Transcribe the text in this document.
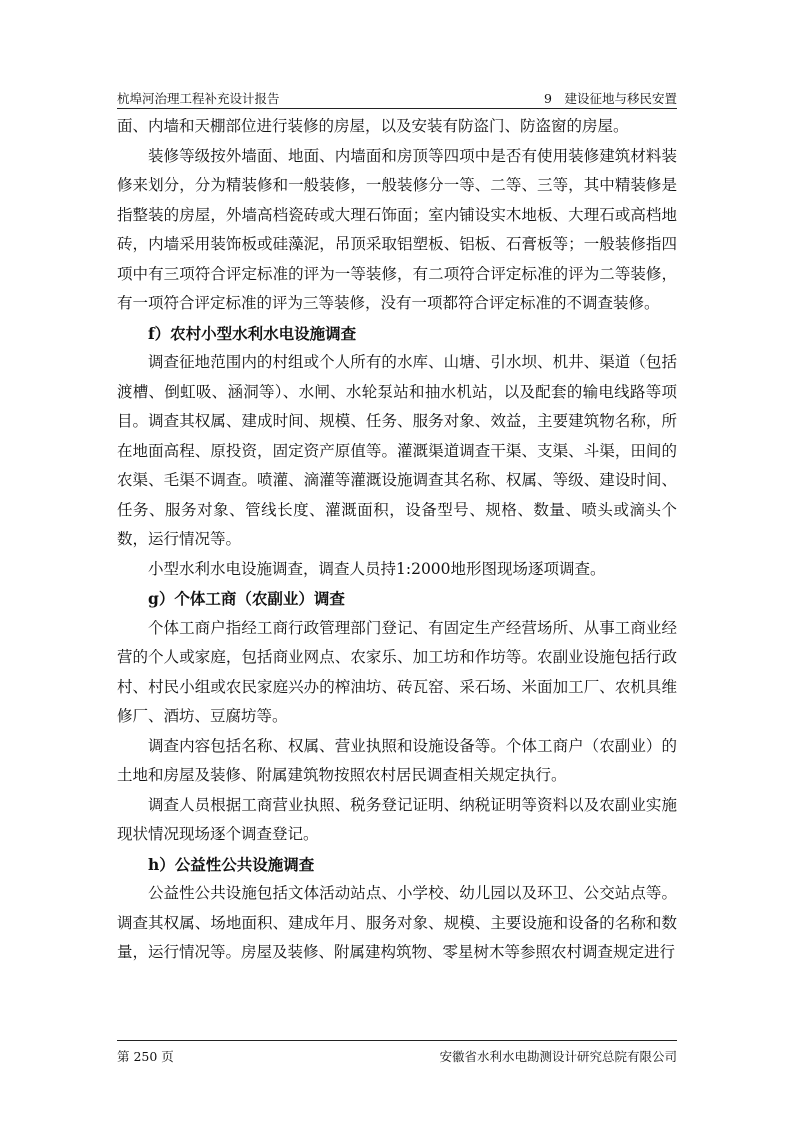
杭埠河治理工程补充设计报告	9　建设征地与移民安置

面、内墙和天棚部位进行装修的房屋，以及安装有防盗门、防盗窗的房屋。

装修等级按外墙面、地面、内墙面和房顶等四项中是否有使用装修建筑材料装修来划分，分为精装修和一般装修，一般装修分一等、二等、三等，其中精装修是指整装的房屋，外墙高档瓷砖或大理石饰面；室内铺设实木地板、大理石或高档地砖，内墙采用装饰板或硅藻泥，吊顶采取铝塑板、铝板、石膏板等；一般装修指四项中有三项符合评定标准的评为一等装修，有二项符合评定标准的评为二等装修，有一项符合评定标准的评为三等装修，没有一项都符合评定标准的不调查装修。

f）农村小型水利水电设施调查

调查征地范围内的村组或个人所有的水库、山塘、引水坝、机井、渠道（包括渡槽、倒虹吸、涵洞等）、水闸、水轮泵站和抽水机站，以及配套的输电线路等项目。调查其权属、建成时间、规模、任务、服务对象、效益，主要建筑物名称，所在地面高程、原投资，固定资产原值等。灌溉渠道调查干渠、支渠、斗渠，田间的农渠、毛渠不调查。喷灌、滴灌等灌溉设施调查其名称、权属、等级、建设时间、任务、服务对象、管线长度、灌溉面积，设备型号、规格、数量、喷头或滴头个数，运行情况等。

小型水利水电设施调查，调查人员持1:2000地形图现场逐项调查。

g）个体工商（农副业）调查

个体工商户指经工商行政管理部门登记、有固定生产经营场所、从事工商业经营的个人或家庭，包括商业网点、农家乐、加工坊和作坊等。农副业设施包括行政村、村民小组或农民家庭兴办的榨油坊、砖瓦窑、采石场、米面加工厂、农机具维修厂、酒坊、豆腐坊等。

调查内容包括名称、权属、营业执照和设施设备等。个体工商户（农副业）的土地和房屋及装修、附属建筑物按照农村居民调查相关规定执行。

调查人员根据工商营业执照、税务登记证明、纳税证明等资料以及农副业实施现状情况现场逐个调查登记。

h）公益性公共设施调查

公益性公共设施包括文体活动站点、小学校、幼儿园以及环卫、公交站点等。调查其权属、场地面积、建成年月、服务对象、规模、主要设施和设备的名称和数量，运行情况等。房屋及装修、附属建构筑物、零星树木等参照农村调查规定进行

第 250 页	安徽省水利水电勘测设计研究总院有限公司
